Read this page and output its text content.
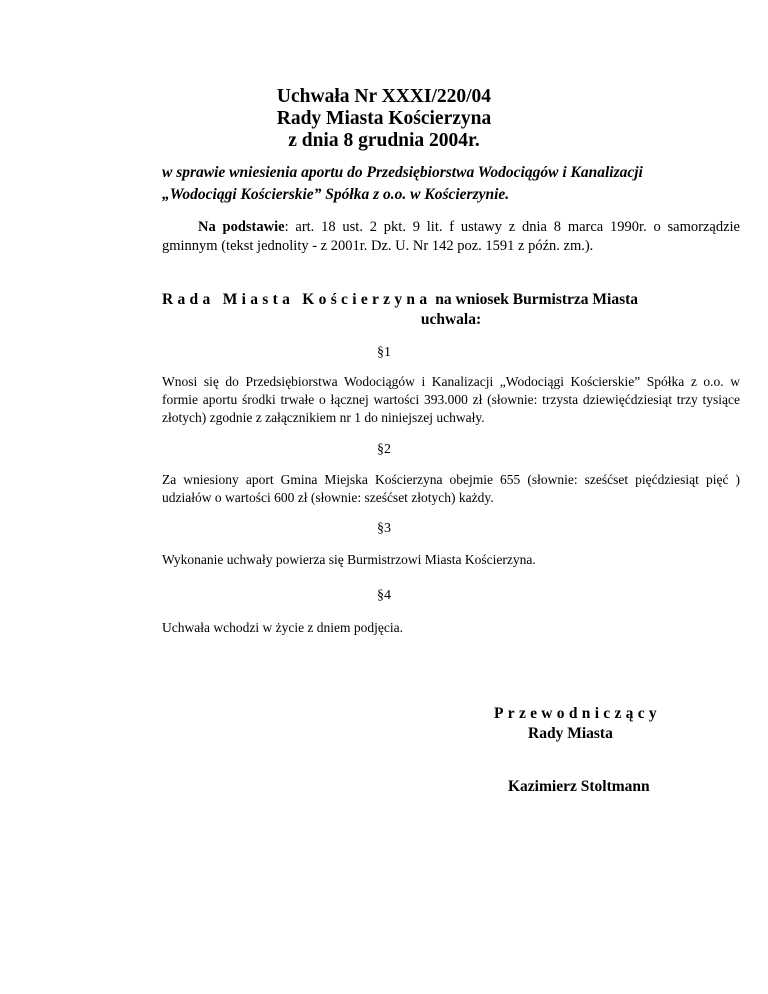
Uchwała Nr XXXI/220/04
Rady Miasta Kościerzyna
z dnia 8 grudnia 2004r.
w sprawie wniesienia aportu do Przedsiębiorstwa Wodociągów i Kanalizacji
„Wodociągi Kościerskie” Spółka z o.o. w Kościerzynie.
Na podstawie: art. 18 ust. 2 pkt. 9 lit. f ustawy z dnia 8 marca 1990r. o samorządzie gminnym (tekst jednolity - z 2001r. Dz. U. Nr 142 poz. 1591 z późn. zm.).
Rada Miasta Kościerzyna na wniosek Burmistrza Miasta
uchwala:
§1
Wnosi się do Przedsiębiorstwa Wodociągów i Kanalizacji „Wodociągi Kościerskie” Spółka z o.o. w formie aportu środki trwałe o łącznej wartości 393.000 zł (słownie: trzysta dziewięćdziesiąt trzy tysiące złotych) zgodnie z załącznikiem nr 1 do niniejszej uchwały.
§2
Za wniesiony aport Gmina Miejska Kościerzyna obejmie 655 (słownie: sześćset pięćdziesiąt pięć ) udziałów o wartości 600 zł (słownie: sześćset złotych) każdy.
§3
Wykonanie uchwały powierza się Burmistrzowi Miasta Kościerzyna.
§4
Uchwała wchodzi w życie z dniem podjęcia.
Przewodniczący
Rady Miasta
Kazimierz Stoltmann
